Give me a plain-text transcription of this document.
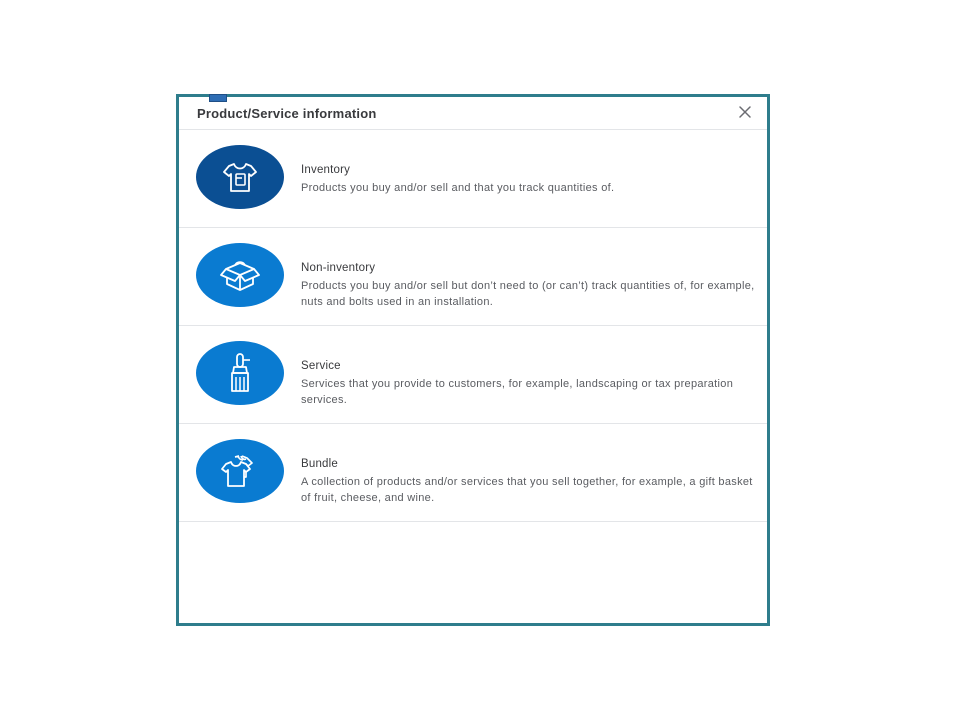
Product/Service information
Inventory
Products you buy and/or sell and that you track quantities of.
Non-inventory
Products you buy and/or sell but don’t need to (or can’t) track quantities of, for example, nuts and bolts used in an installation.
Service
Services that you provide to customers, for example, landscaping or tax preparation services.
Bundle
A collection of products and/or services that you sell together, for example, a gift basket of fruit, cheese, and wine.
